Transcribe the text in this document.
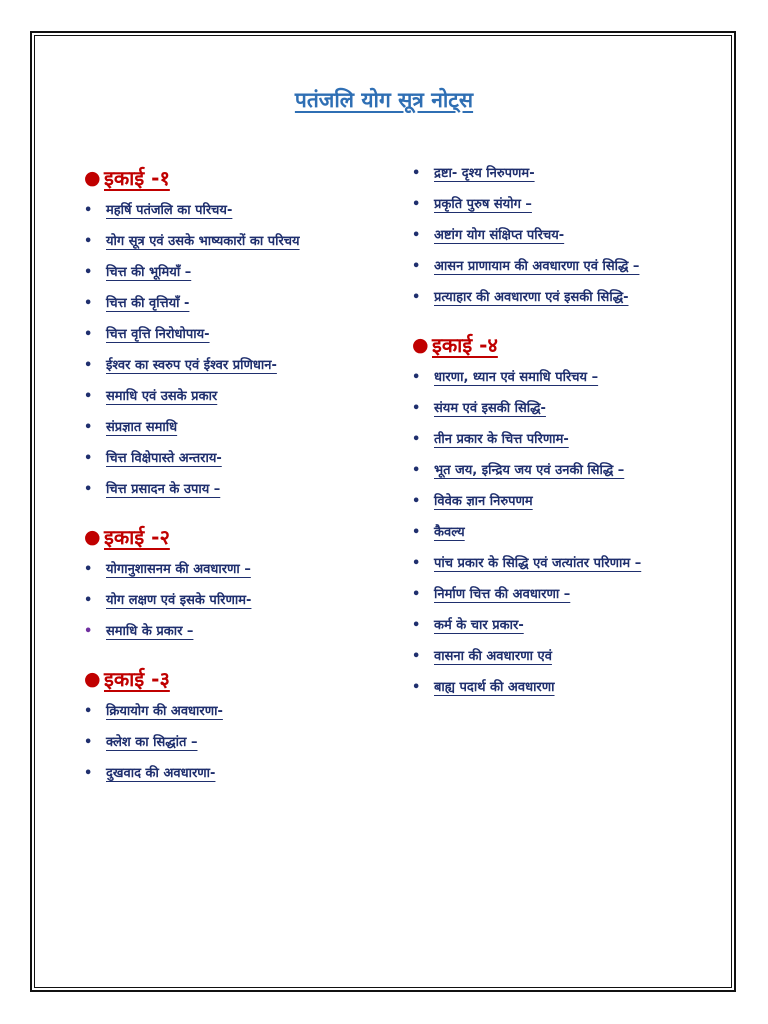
पतंजलि योग सूत्र नोट्स
● इकाई -१
•	महर्षि पतंजलि का परिचय-
•	योग सूत्र एवं उसके भाष्यकारों का परिचय
•	चित्त की भूमियाँ –
•	चित्त की वृत्तियाँ -
•	चित्त वृत्ति निरोधोपाय-
•	ईश्वर का स्वरुप एवं ईश्वर प्रणिधान-
•	समाधि एवं उसके प्रकार
•	संप्रज्ञात समाधि
•	चित्त विक्षेपास्ते अन्तराय-
•	चित्त प्रसादन के उपाय –
● इकाई -२
•	योगानुशासनम की अवधारणा –
•	योग लक्षण एवं इसके परिणाम-
•	समाधि के प्रकार –
● इकाई -३
•	क्रियायोग की अवधारणा-
•	क्लेश का सिद्धांत –
•	दुखवाद की अवधारणा-
•	द्रष्टा- दृश्य निरुपणम-
•	प्रकृति पुरुष संयोग –
•	अष्टांग योग संक्षिप्त परिचय-
•	आसन प्राणायाम की अवधारणा एवं सिद्धि –
•	प्रत्याहार की अवधारणा एवं इसकी सिद्धि-
● इकाई -४
•	धारणा, ध्यान एवं समाधि परिचय –
•	संयम एवं इसकी सिद्धि-
•	तीन प्रकार के चित्त परिणाम-
•	भूत जय, इन्द्रिय जय एवं उनकी सिद्धि –
•	विवेक ज्ञान निरुपणम
•	कैवल्य
•	पांच प्रकार के सिद्धि एवं जत्यांतर परिणाम –
•	निर्माण चित्त की अवधारणा –
•	कर्म के चार प्रकार-
•	वासना की अवधारणा एवं
•	बाह्य पदार्थ की अवधारणा
